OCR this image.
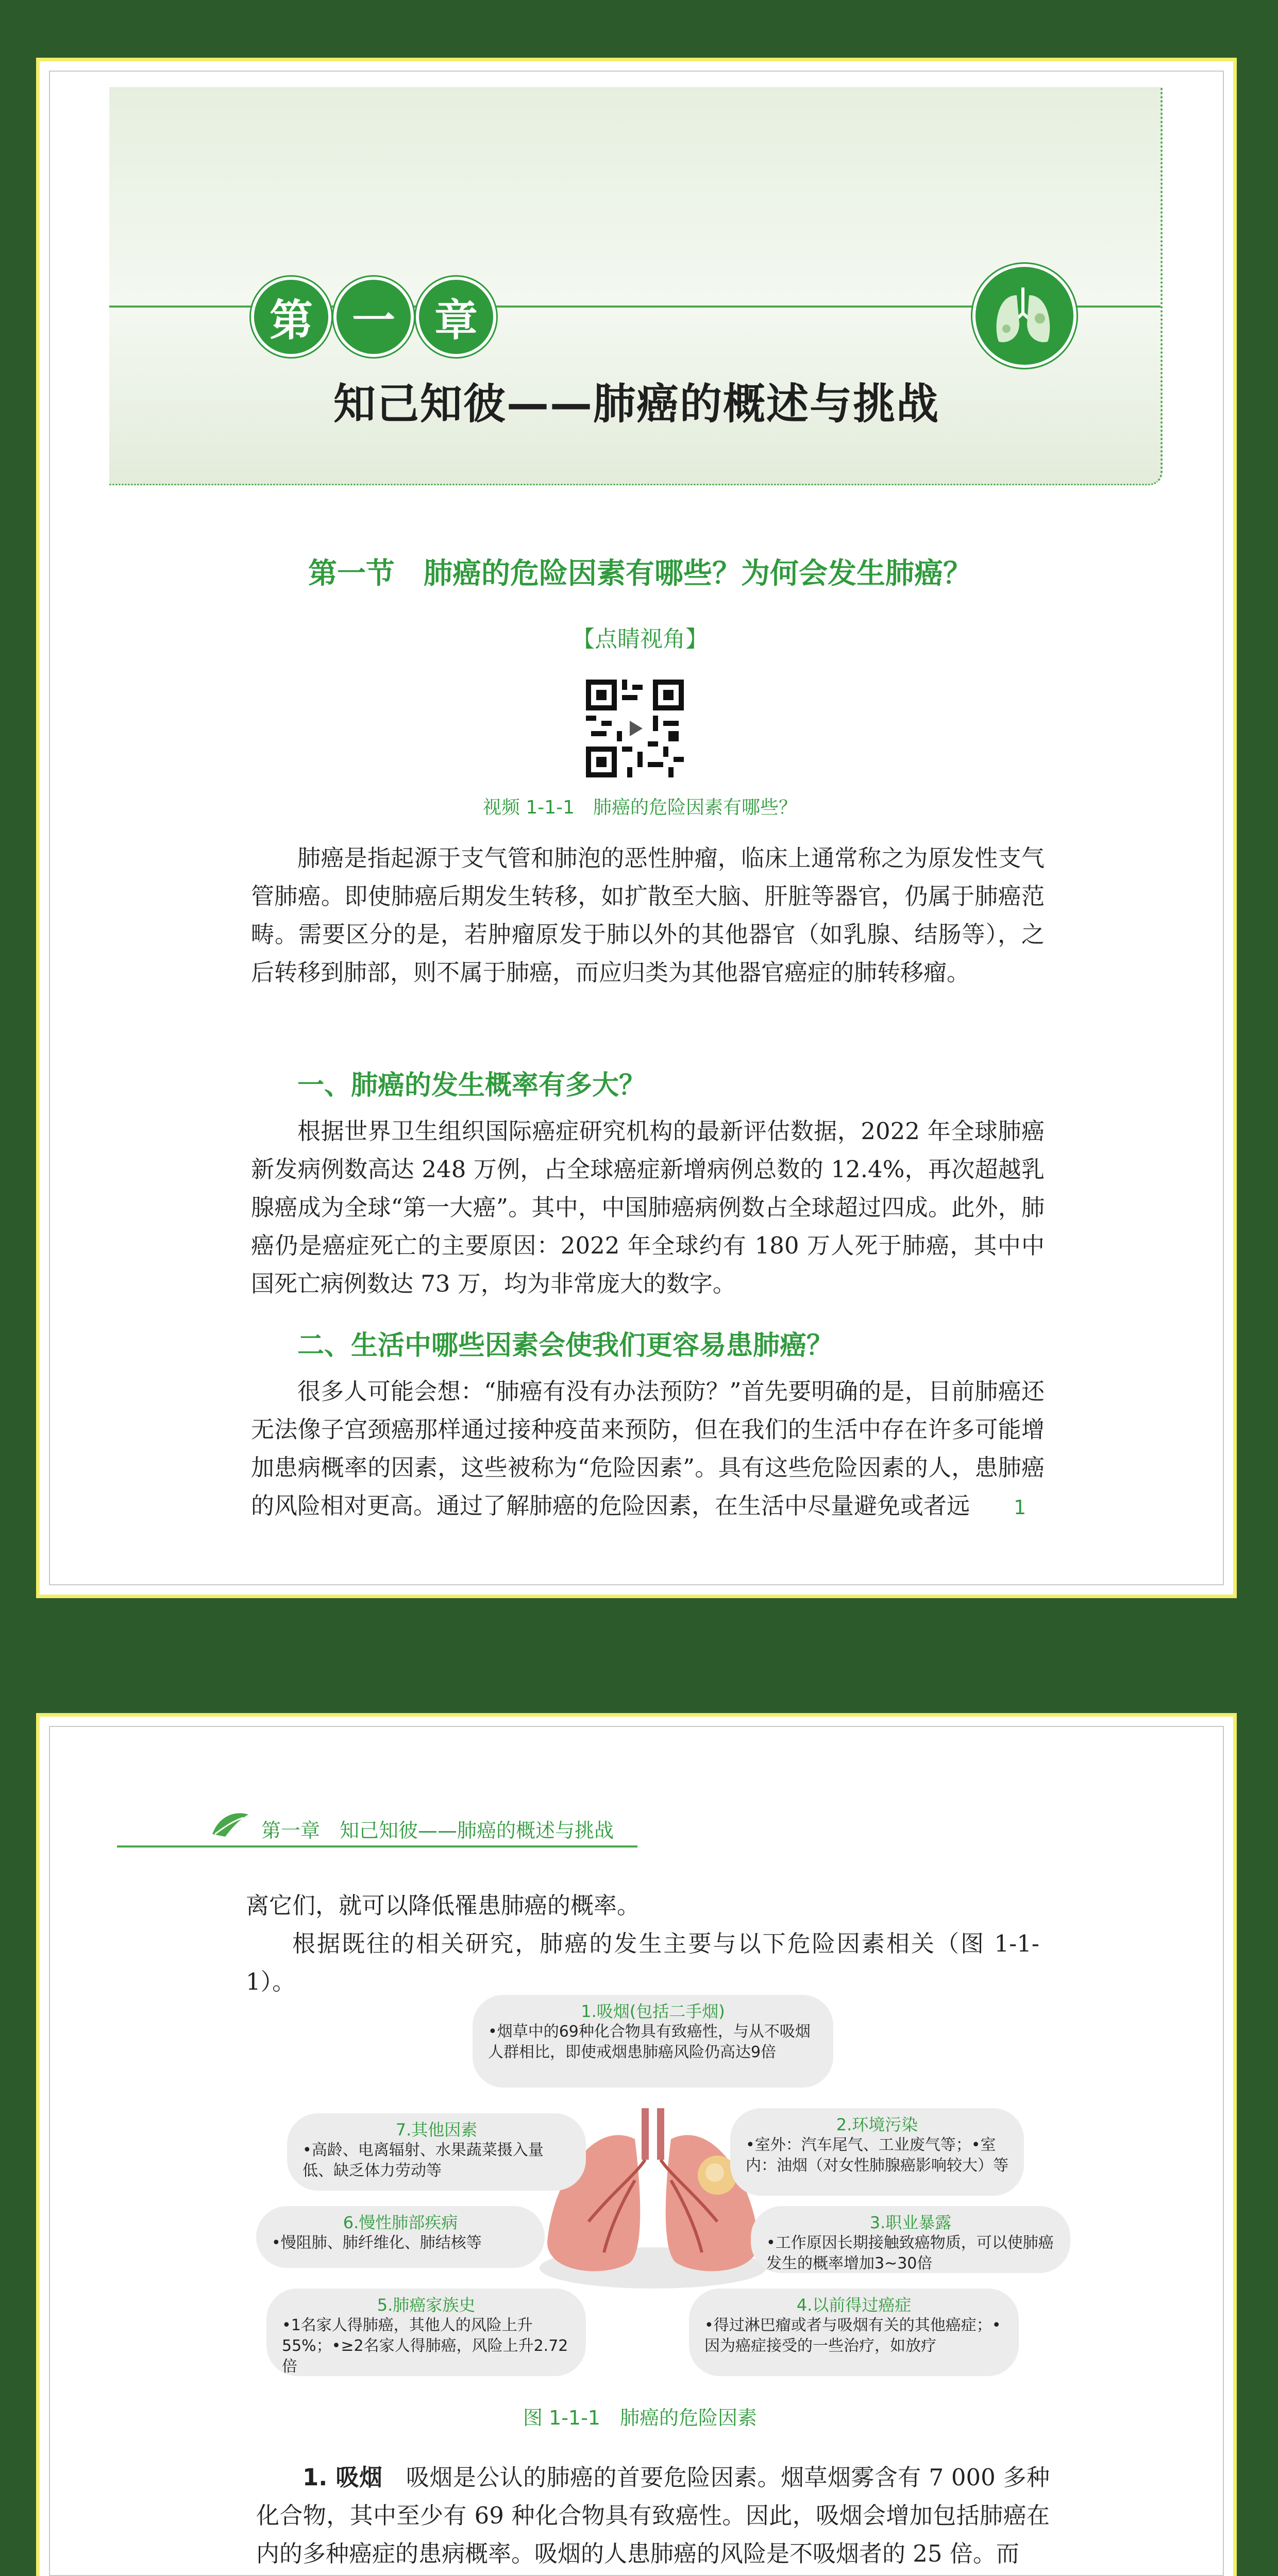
第 一 章
知己知彼——肺癌的概述与挑战
第一节　肺癌的危险因素有哪些？为何会发生肺癌？
【点睛视角】
视频 1-1-1　肺癌的危险因素有哪些？

肺癌是指起源于支气管和肺泡的恶性肿瘤，临床上通常称之为原发性支气管肺癌。即使肺癌后期发生转移，如扩散至大脑、肝脏等器官，仍属于肺癌范畴。需要区分的是，若肿瘤原发于肺以外的其他器官（如乳腺、结肠等），之后转移到肺部，则不属于肺癌，而应归类为其他器官癌症的肺转移瘤。

一、肺癌的发生概率有多大？

根据世界卫生组织国际癌症研究机构的最新评估数据，2022 年全球肺癌新发病例数高达 248 万例，占全球癌症新增病例总数的 12.4%，再次超越乳腺癌成为全球“第一大癌”。其中，中国肺癌病例数占全球超过四成。此外，肺癌仍是癌症死亡的主要原因：2022 年全球约有 180 万人死于肺癌，其中中国死亡病例数达 73 万，均为非常庞大的数字。

二、生活中哪些因素会使我们更容易患肺癌？

很多人可能会想：“肺癌有没有办法预防？”首先要明确的是，目前肺癌还无法像子宫颈癌那样通过接种疫苗来预防，但在我们的生活中存在许多可能增加患病概率的因素，这些被称为“危险因素”。具有这些危险因素的人，患肺癌的风险相对更高。通过了解肺癌的危险因素，在生活中尽量避免或者远	1
第一章　知己知彼——肺癌的概述与挑战
离它们，就可以降低罹患肺癌的概率。
根据既往的相关研究，肺癌的发生主要与以下危险因素相关（图 1-1-1）。
1.吸烟(包括二手烟)
•烟草中的69种化合物具有致癌性，与从不吸烟人群相比，即使戒烟患肺癌风险仍高达9倍
2.环境污染
•室外：汽车尾气、工业废气等；•室内：油烟（对女性肺腺癌影响较大）等
3.职业暴露
•工作原因长期接触致癌物质，可以使肺癌发生的概率增加3~30倍
4.以前得过癌症
•得过淋巴瘤或者与吸烟有关的其他癌症；•因为癌症接受的一些治疗，如放疗
5.肺癌家族史
•1名家人得肺癌，其他人的风险上升55%；•≥2名家人得肺癌，风险上升2.72倍
6.慢性肺部疾病
•慢阻肺、肺纤维化、肺结核等
7.其他因素
•高龄、电离辐射、水果蔬菜摄入量低、缺乏体力劳动等
图 1-1-1　肺癌的危险因素

1. 吸烟　吸烟是公认的肺癌的首要危险因素。烟草烟雾含有 7 000 多种化合物，其中至少有 69 种化合物具有致癌性。因此，吸烟会增加包括肺癌在内的多种癌症的患病概率。吸烟的人患肺癌的风险是不吸烟者的 25 倍。而
